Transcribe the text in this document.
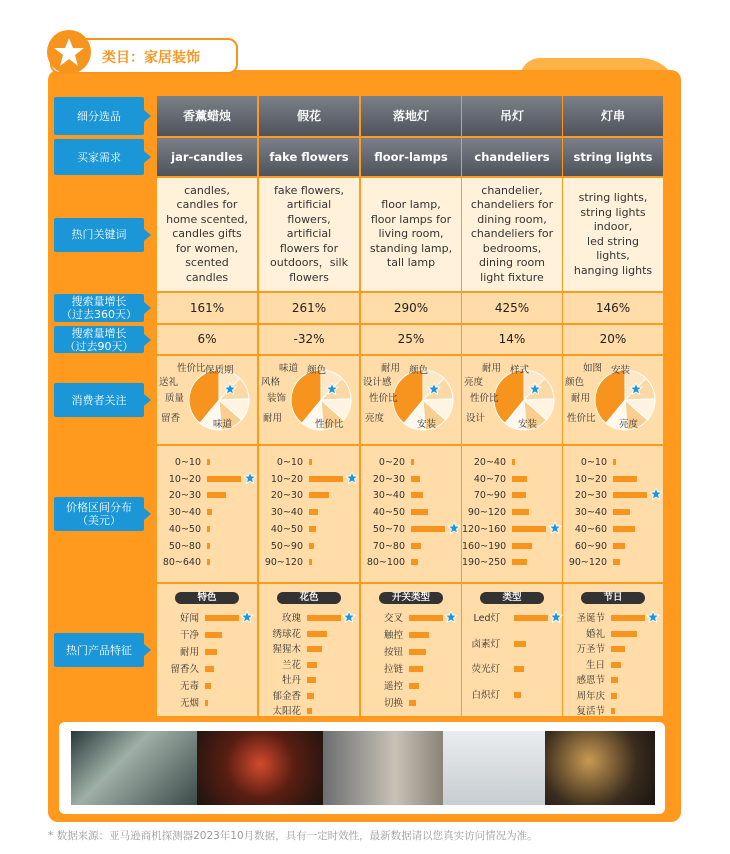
类目：家居装饰
细分选品
买家需求
热门关键词
搜索量增长
（过去360天）
搜索量增长
（过去90天）
消费者关注
价格区间分布
（美元）
热门产品特征
香薰蜡烛
jar-candles
candles,
candles for
home scented,
candles gifts
for women,
scented
candles
161%
6%
性价比 保质期
送礼
质量
留香
味道
0~10
10~20
20~30
30~40
40~50
50~80
80~640
特色
好闻
干净
耐用
留香久
无毒
无烟
假花
fake flowers
fake flowers,
artificial
flowers,
artificial
flowers for
outdoors，silk
flowers
261%
-32%
味道 颜色
风格
装饰
耐用
性价比
0~10
10~20
20~30
30~40
40~50
50~90
90~120
花色
玫瑰
绣球花
猩猩木
兰花
牡丹
郁金香
太阳花
落地灯
floor-lamps
floor lamp,
floor lamps for
living room,
standing lamp,
tall lamp
290%
25%
耐用 颜色
设计感
性价比
亮度
安装
0~20
20~30
30~40
40~50
50~70
70~80
80~100
开关类型
交叉
触控
按钮
拉链
遥控
切换
吊灯
chandeliers
chandelier,
chandeliers for
dining room,
chandeliers for
bedrooms,
dining room
light fixture
425%
14%
耐用 样式
亮度
性价比
设计
安装
20~40
40~70
70~90
90~120
120~160
160~190
190~250
类型
Led灯
卤素灯
荧光灯
白炽灯
灯串
string lights
string lights,
string lights
indoor,
led string
lights,
hanging lights
146%
20%
如图 安装
颜色
耐用
性价比
亮度
0~10
10~20
20~30
30~40
40~60
60~90
90~120
节日
圣诞节
婚礼
万圣节
生日
感恩节
周年庆
复活节
* 数据来源：亚马逊商机探测器2023年10月数据，具有一定时效性，最新数据请以您真实访问情况为准。
